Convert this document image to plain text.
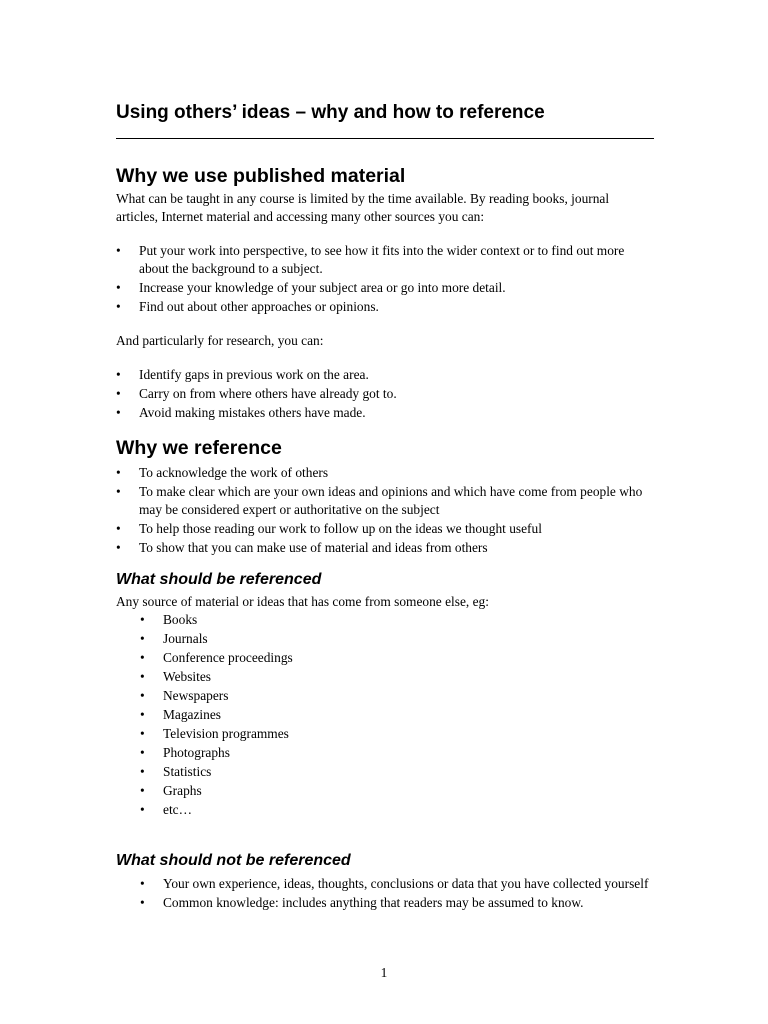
Using others’ ideas – why and how to reference
Why we use published material

What can be taught in any course is limited by the time available. By reading books, journal articles, Internet material and accessing many other sources you can:

• Put your work into perspective, to see how it fits into the wider context or to find out more about the background to a subject.
• Increase your knowledge of your subject area or go into more detail.
• Find out about other approaches or opinions.

And particularly for research, you can:

• Identify gaps in previous work on the area.
• Carry on from where others have already got to.
• Avoid making mistakes others have made.
Why we reference
• To acknowledge the work of others
• To make clear which are your own ideas and opinions and which have come from people who may be considered expert or authoritative on the subject
• To help those reading our work to follow up on the ideas we thought useful
• To show that you can make use of material and ideas from others
What should be referenced

Any source of material or ideas that has come from someone else, eg:

• Books
• Journals
• Conference proceedings
• Websites
• Newspapers
• Magazines
• Television programmes
• Photographs
• Statistics
• Graphs
• etc…
What should not be referenced
• Your own experience, ideas, thoughts, conclusions or data that you have collected yourself
• Common knowledge: includes anything that readers may be assumed to know.
1
